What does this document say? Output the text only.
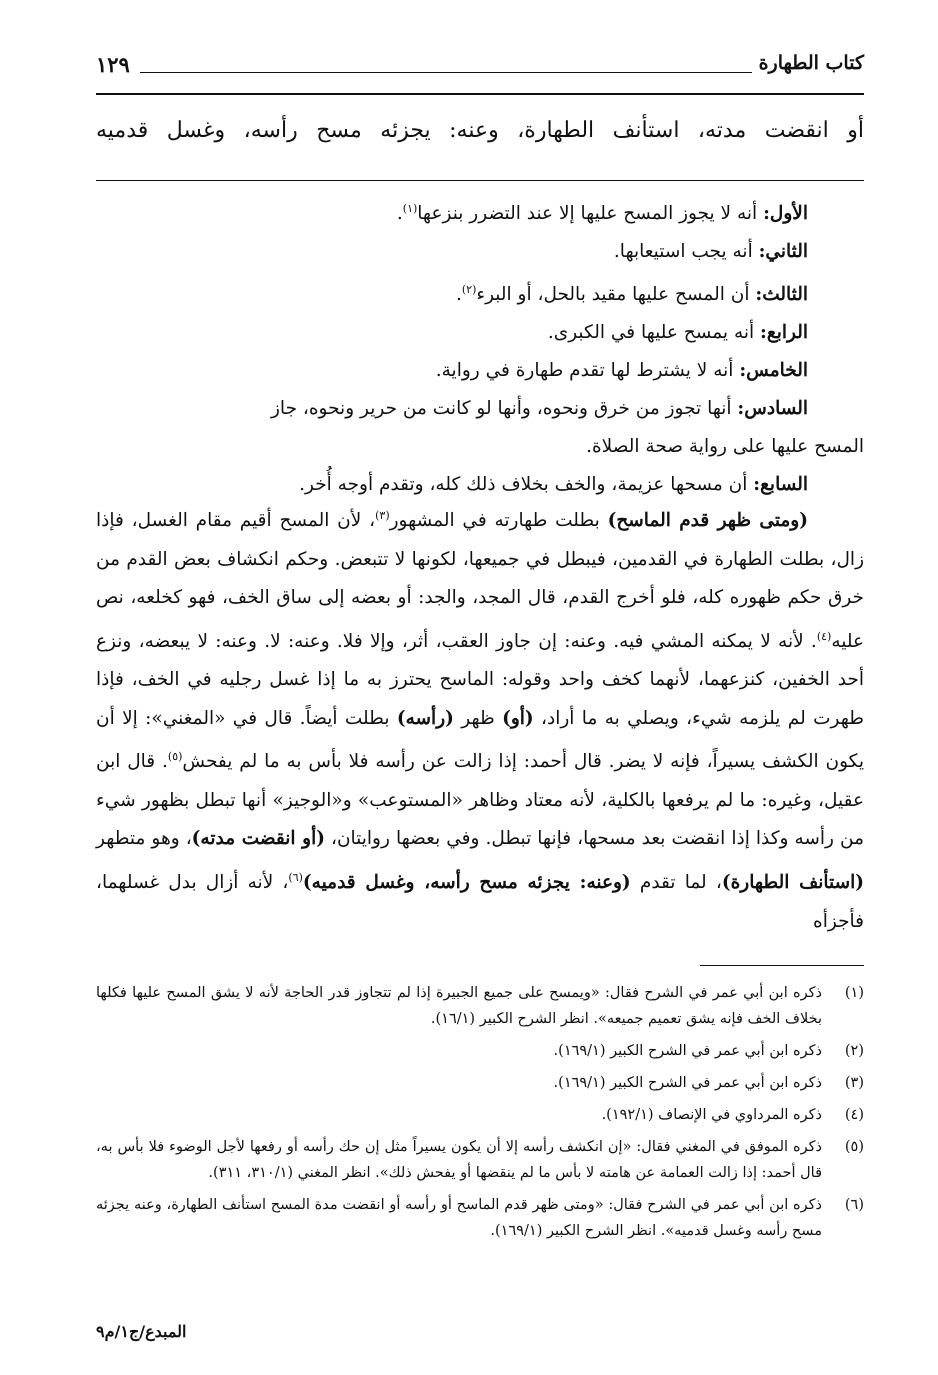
كتاب الطهارة
١٢٩
أو انقضت مدته، استأنف الطهارة، وعنه: يجزئه مسح رأسه، وغسل قدميه

الأول: أنه لا يجوز المسح عليها إلا عند التضرر بنزعها$^{(١)}$.

الثاني: أنه يجب استيعابها.

الثالث: أن المسح عليها مقيد بالحل، أو البرء$^{(٢)}$.

الرابع: أنه يمسح عليها في الكبرى.

الخامس: أنه لا يشترط لها تقدم طهارة في رواية.

السادس: أنها تجوز من خرق ونحوه، وأنها لو كانت من حرير ونحوه، جاز

المسح عليها على رواية صحة الصلاة.

السابع: أن مسحها عزيمة، والخف بخلاف ذلك كله، وتقدم أوجه أُخر.

(ومتى ظهر قدم الماسح) بطلت طهارته في المشهور$^{(٣)}$، لأن المسح أقيم مقام الغسل، فإذا زال، بطلت الطهارة في القدمين، فيبطل في جميعها، لكونها لا تتبعض. وحكم انكشاف بعض القدم من خرق حكم ظهوره كله، فلو أخرج القدم، قال المجد، والجد: أو بعضه إلى ساق الخف، فهو كخلعه، نص عليه$^{(٤)}$. لأنه لا يمكنه المشي فيه. وعنه: إن جاوز العقب، أثر، وإلا فلا. وعنه: لا. وعنه: لا يبعضه، ونزع أحد الخفين، كنزعهما، لأنهما كخف واحد وقوله: الماسح يحترز به ما إذا غسل رجليه في الخف، فإذا طهرت لم يلزمه شيء، ويصلي به ما أراد، (أو) ظهر (رأسه) بطلت أيضاً. قال في «المغني»: إلا أن يكون الكشف يسيراً، فإنه لا يضر. قال أحمد: إذا زالت عن رأسه فلا بأس به ما لم يفحش$^{(٥)}$. قال ابن عقيل، وغيره: ما لم يرفعها بالكلية، لأنه معتاد وظاهر «المستوعب» و«الوجيز» أنها تبطل بظهور شيء من رأسه وكذا إذا انقضت بعد مسحها، فإنها تبطل. وفي بعضها روايتان، (أو انقضت مدته)، وهو متطهر (استأنف الطهارة)، لما تقدم (وعنه: يجزئه مسح رأسه، وغسل قدميه)$^{(٦)}$، لأنه أزال بدل غسلهما، فأجزأه

(١)
ذكره ابن أبي عمر في الشرح فقال: «ويمسح على جميع الجبيرة إذا لم تتجاوز قدر الحاجة لأنه لا يشق المسح عليها فكلها بخلاف الخف فإنه يشق تعميم جميعه». انظر الشرح الكبير (١٦/١).
(٢)
ذكره ابن أبي عمر في الشرح الكبير (١٦٩/١).
(٣)
ذكره ابن أبي عمر في الشرح الكبير (١٦٩/١).
(٤)
ذكره المرداوي في الإنصاف (١٩٢/١).
(٥)
ذكره الموفق في المغني فقال: «إن انكشف رأسه إلا أن يكون يسيراً مثل إن حك رأسه أو رفعها لأجل الوضوء فلا بأس به، قال أحمد: إذا زالت العمامة عن هامته لا بأس ما لم ينقضها أو يفحش ذلك». انظر المغني (٣١٠/١، ٣١١).
(٦)
ذكره ابن أبي عمر في الشرح فقال: «ومتى ظهر قدم الماسح أو رأسه أو انقضت مدة المسح استأنف الطهارة، وعنه يجزئه مسح رأسه وغسل قدميه». انظر الشرح الكبير (١٦٩/١).
المبدع/ج١/م٩
